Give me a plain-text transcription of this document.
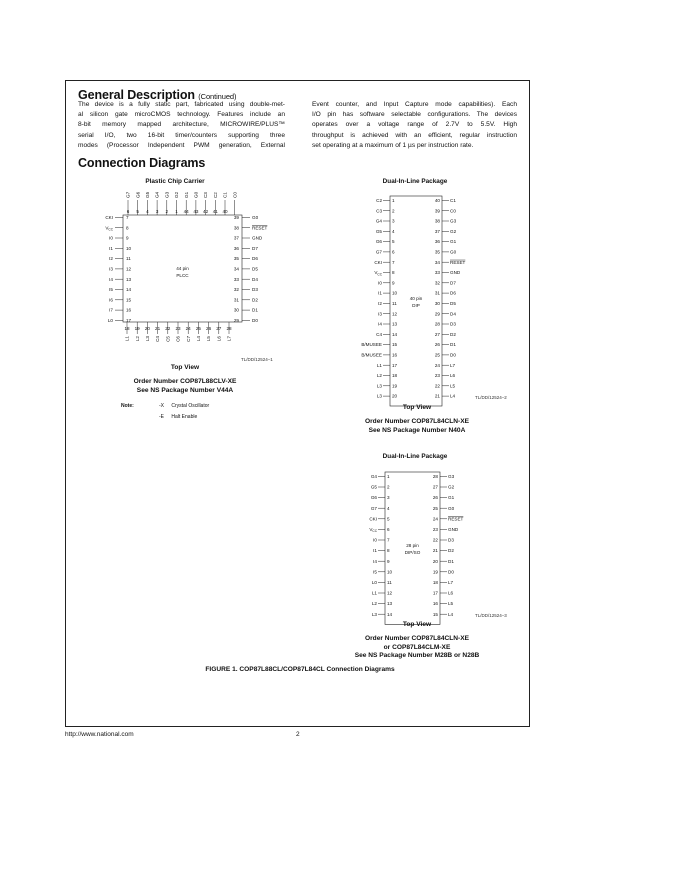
General Description (Continued)
The device is a fully static part, fabricated using double-met-
al silicon gate microCMOS technology. Features include an
8-bit memory mapped architecture, MICROWIRE/PLUS™
serial I/O, two 16-bit timer/counters supporting three
modes (Processor Independent PWM generation, External
Event counter, and Input Capture mode capabilities). Each
I/O pin has software selectable configurations. The devices
operates over a voltage range of 2.7V to 5.5V. High
throughput is achieved with an efficient, regular instruction
set operating at a maximum of 1 µs per instruction rate.
Connection Diagrams
Plastic Chip Carrier
44 pin
PLCC
G7 G6 G5 G4 G3 G2 G1 G0 C3 C2 C1 C0
6 5 4 3 2 1 44 43 42 41 40
CKI	7
$V_{CC}$	8
I0	9
I1	10
I2	11
I3	12
I4	13
I5	14
I6	15
I7	16
L0	17
39	G0
38	RESET
37	GND
36	D7
35	D6
34	D5
33	D4
32	D3
31	D2
30	D1
29	D0
18 19 20 21 22 23 24 25 26 27 28
L1 L2 L3 C4 C5 C6 C7 L4 L5 L6 L7
40 pin
DIP
C2 1
C3 2
G4 3
G5 4
G6 5
G7 6
CKI 7
$V_{CC}$ 8
I0 9
I1 10
I2 11
I3 12
I4 13
C4 14
B/MUSEE 15
B/MUSEE 16
L1 17
L2 18
L3 19
L3 20
40 C1
39 C0
38 G3
37 G2
36 G1
35 G0
34 RESET
33 GND
32 D7
31 D6
30 D5
29 D4
28 D3
27 D2
26 D1
25 D0
24 L7
23 L6
22 L5
21 L4
28 pin
DIP/SO
G4 1
G5 2
G6 3
G7 4
CKI 5
$V_{CC}$ 6
I0 7
I1 8
I4 9
I5 10
L0 11
L1 12
L2 13
L3 14
28 G3
27 G2
26 G1
25 G0
24 RESET
23 GND
22 D3
21 D2
20 D1
19 D0
18 L7
17 L6
16 L5
15 L4
TL/DD/12524–1
Top View
Order Number COP87L88CLV-XE
See NS Package Number V44A
Note:	-X Crystal Oscillator
-E Halt Enable
Dual-In-Line Package
TL/DD/12524–2
Top View
Order Number COP87L84CLN-XE
See NS Package Number N40A
Dual-In-Line Package
TL/DD/12524–3
Top View
Order Number COP87L84CLN-XE
or COP87L84CLM-XE
See NS Package Number M28B or N28B
FIGURE 1. COP87L88CL/COP87L84CL Connection Diagrams
http://www.national.com	2
